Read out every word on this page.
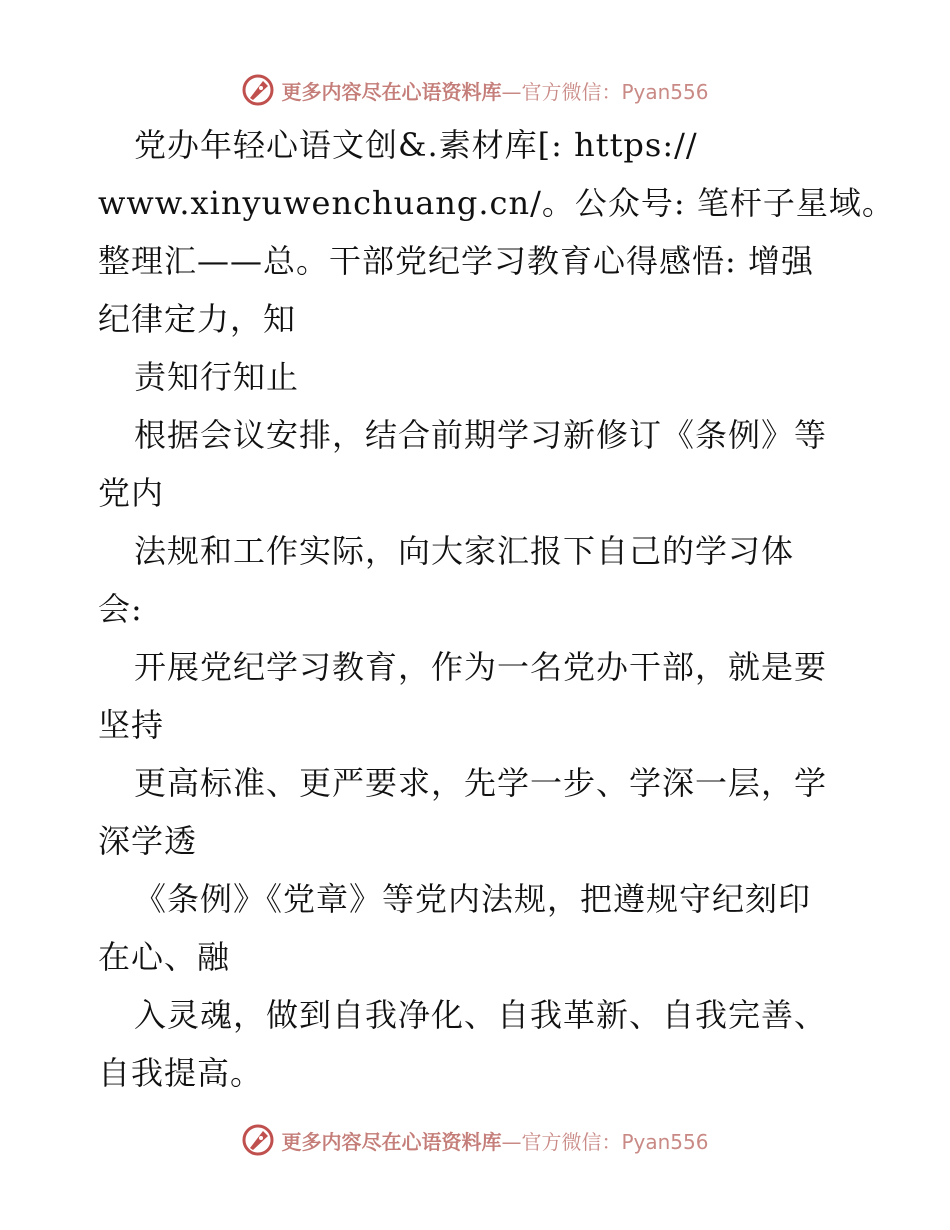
更多内容尽在心语资料库—官方微信：Pyan556
党办年轻心语文创&.素材库[: https://
www.xinyuwenchuang.cn/。公众号: 笔杆子星域。
整理汇——总。干部党纪学习教育心得感悟: 增强
纪律定力，知
责知行知止
根据会议安排，结合前期学习新修订《条例》等
党内
法规和工作实际，向大家汇报下自己的学习体
会:
开展党纪学习教育，作为一名党办干部，就是要
坚持
更高标准、更严要求，先学一步、学深一层，学
深学透
《条例》《党章》等党内法规，把遵规守纪刻印
在心、融
入灵魂，做到自我净化、自我革新、自我完善、
自我提高。
更多内容尽在心语资料库—官方微信：Pyan556
